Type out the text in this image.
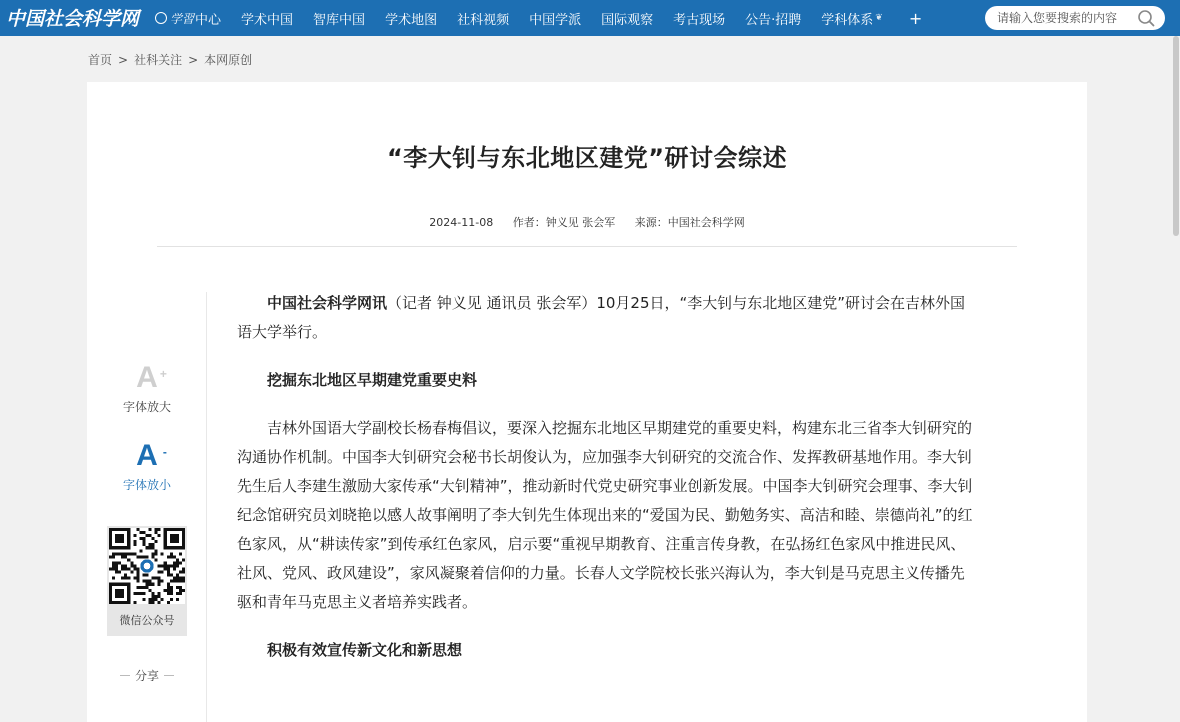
中国社会科学网	学習 中心 学术中国 智库中国 学术地图 社科视频 中国学派 国际观察 考古现场 公告·招聘 学科体系 ❦ +
请输入您要搜索的内容
首页 > 社科关注 > 本网原创
“李大钊与东北地区建党”研讨会综述
2024-11-08 作者：钟义见 张会军 来源：中国社会科学网
A +
字体放大
A -
字体放小
微信公众号
分享

中国社会科学网讯（记者 钟义见 通讯员 张会军）10月25日，“李大钊与东北地区建党”研讨会在吉林外国语大学举行。

挖掘东北地区早期建党重要史料

吉林外国语大学副校长杨春梅倡议，要深入挖掘东北地区早期建党的重要史料，构建东北三省李大钊研究的沟通协作机制。中国李大钊研究会秘书长胡俊认为，应加强李大钊研究的交流合作、发挥教研基地作用。李大钊先生后人李建生激励大家传承“大钊精神”，推动新时代党史研究事业创新发展。中国李大钊研究会理事、李大钊纪念馆研究员刘晓艳以感人故事阐明了李大钊先生体现出来的“爱国为民、勤勉务实、高洁和睦、崇德尚礼”的红色家风，从“耕读传家”到传承红色家风，启示要“重视早期教育、注重言传身教，在弘扬红色家风中推进民风、社风、党风、政风建设”，家风凝聚着信仰的力量。长春人文学院校长张兴海认为，李大钊是马克思主义传播先驱和青年马克思主义者培养实践者。

积极有效宣传新文化和新思想
